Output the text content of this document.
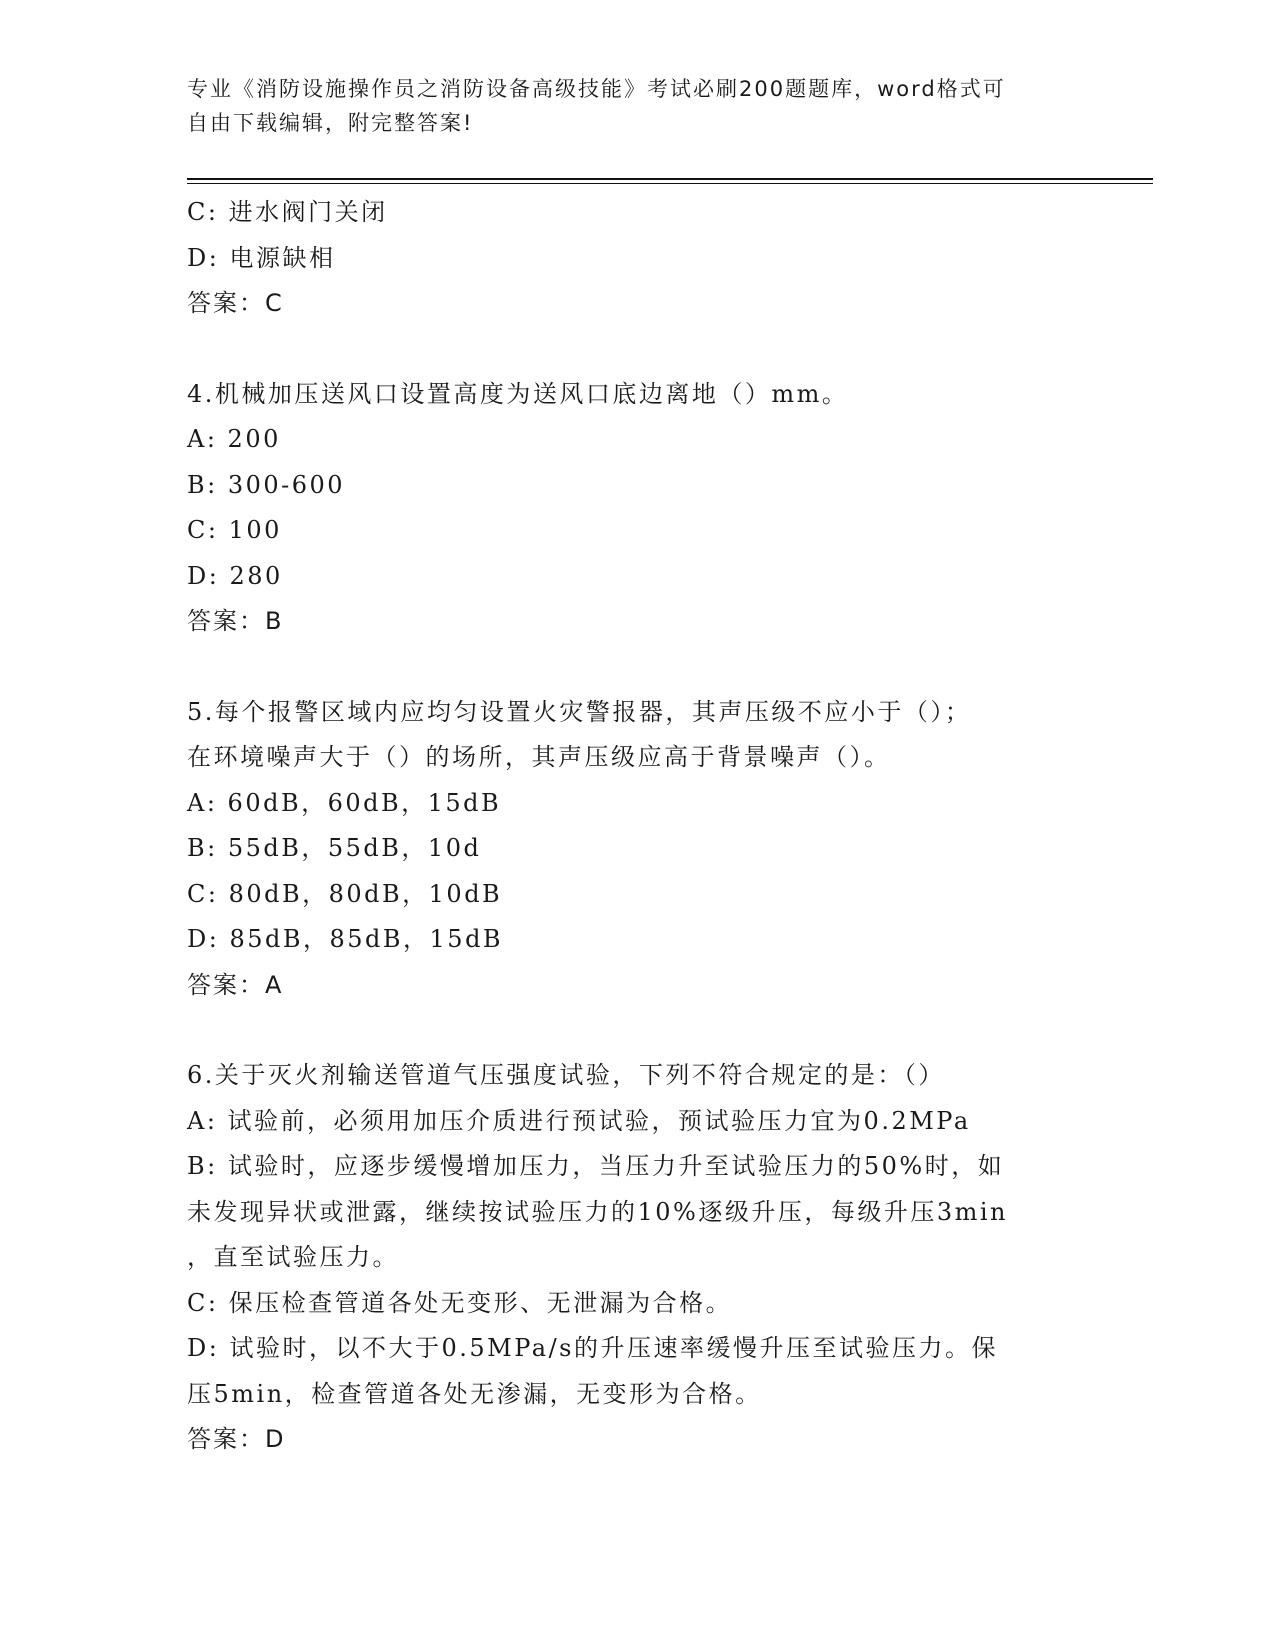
专业《消防设施操作员之消防设备高级技能》考试必刷200题题库，word格式可
自由下载编辑，附完整答案!
C: 进水阀门关闭
D: 电源缺相
答案：C
4.机械加压送风口设置高度为送风口底边离地（）mm。
A: 200
B: 300-600
C: 100
D: 280
答案：B
5.每个报警区域内应均匀设置火灾警报器，其声压级不应小于（）；
在环境噪声大于（）的场所，其声压级应高于背景噪声（）。
A: 60dB，60dB，15dB
B: 55dB，55dB，10d
C: 80dB，80dB，10dB
D: 85dB，85dB，15dB
答案：A
6.关于灭火剂输送管道气压强度试验，下列不符合规定的是：（）
A: 试验前，必须用加压介质进行预试验，预试验压力宜为0.2MPa
B: 试验时，应逐步缓慢增加压力，当压力升至试验压力的50%时，如
未发现异状或泄露，继续按试验压力的10%逐级升压，每级升压3min
，直至试验压力。
C: 保压检查管道各处无变形、无泄漏为合格。
D: 试验时，以不大于0.5MPa/s的升压速率缓慢升压至试验压力。保
压5min，检查管道各处无渗漏，无变形为合格。
答案：D
